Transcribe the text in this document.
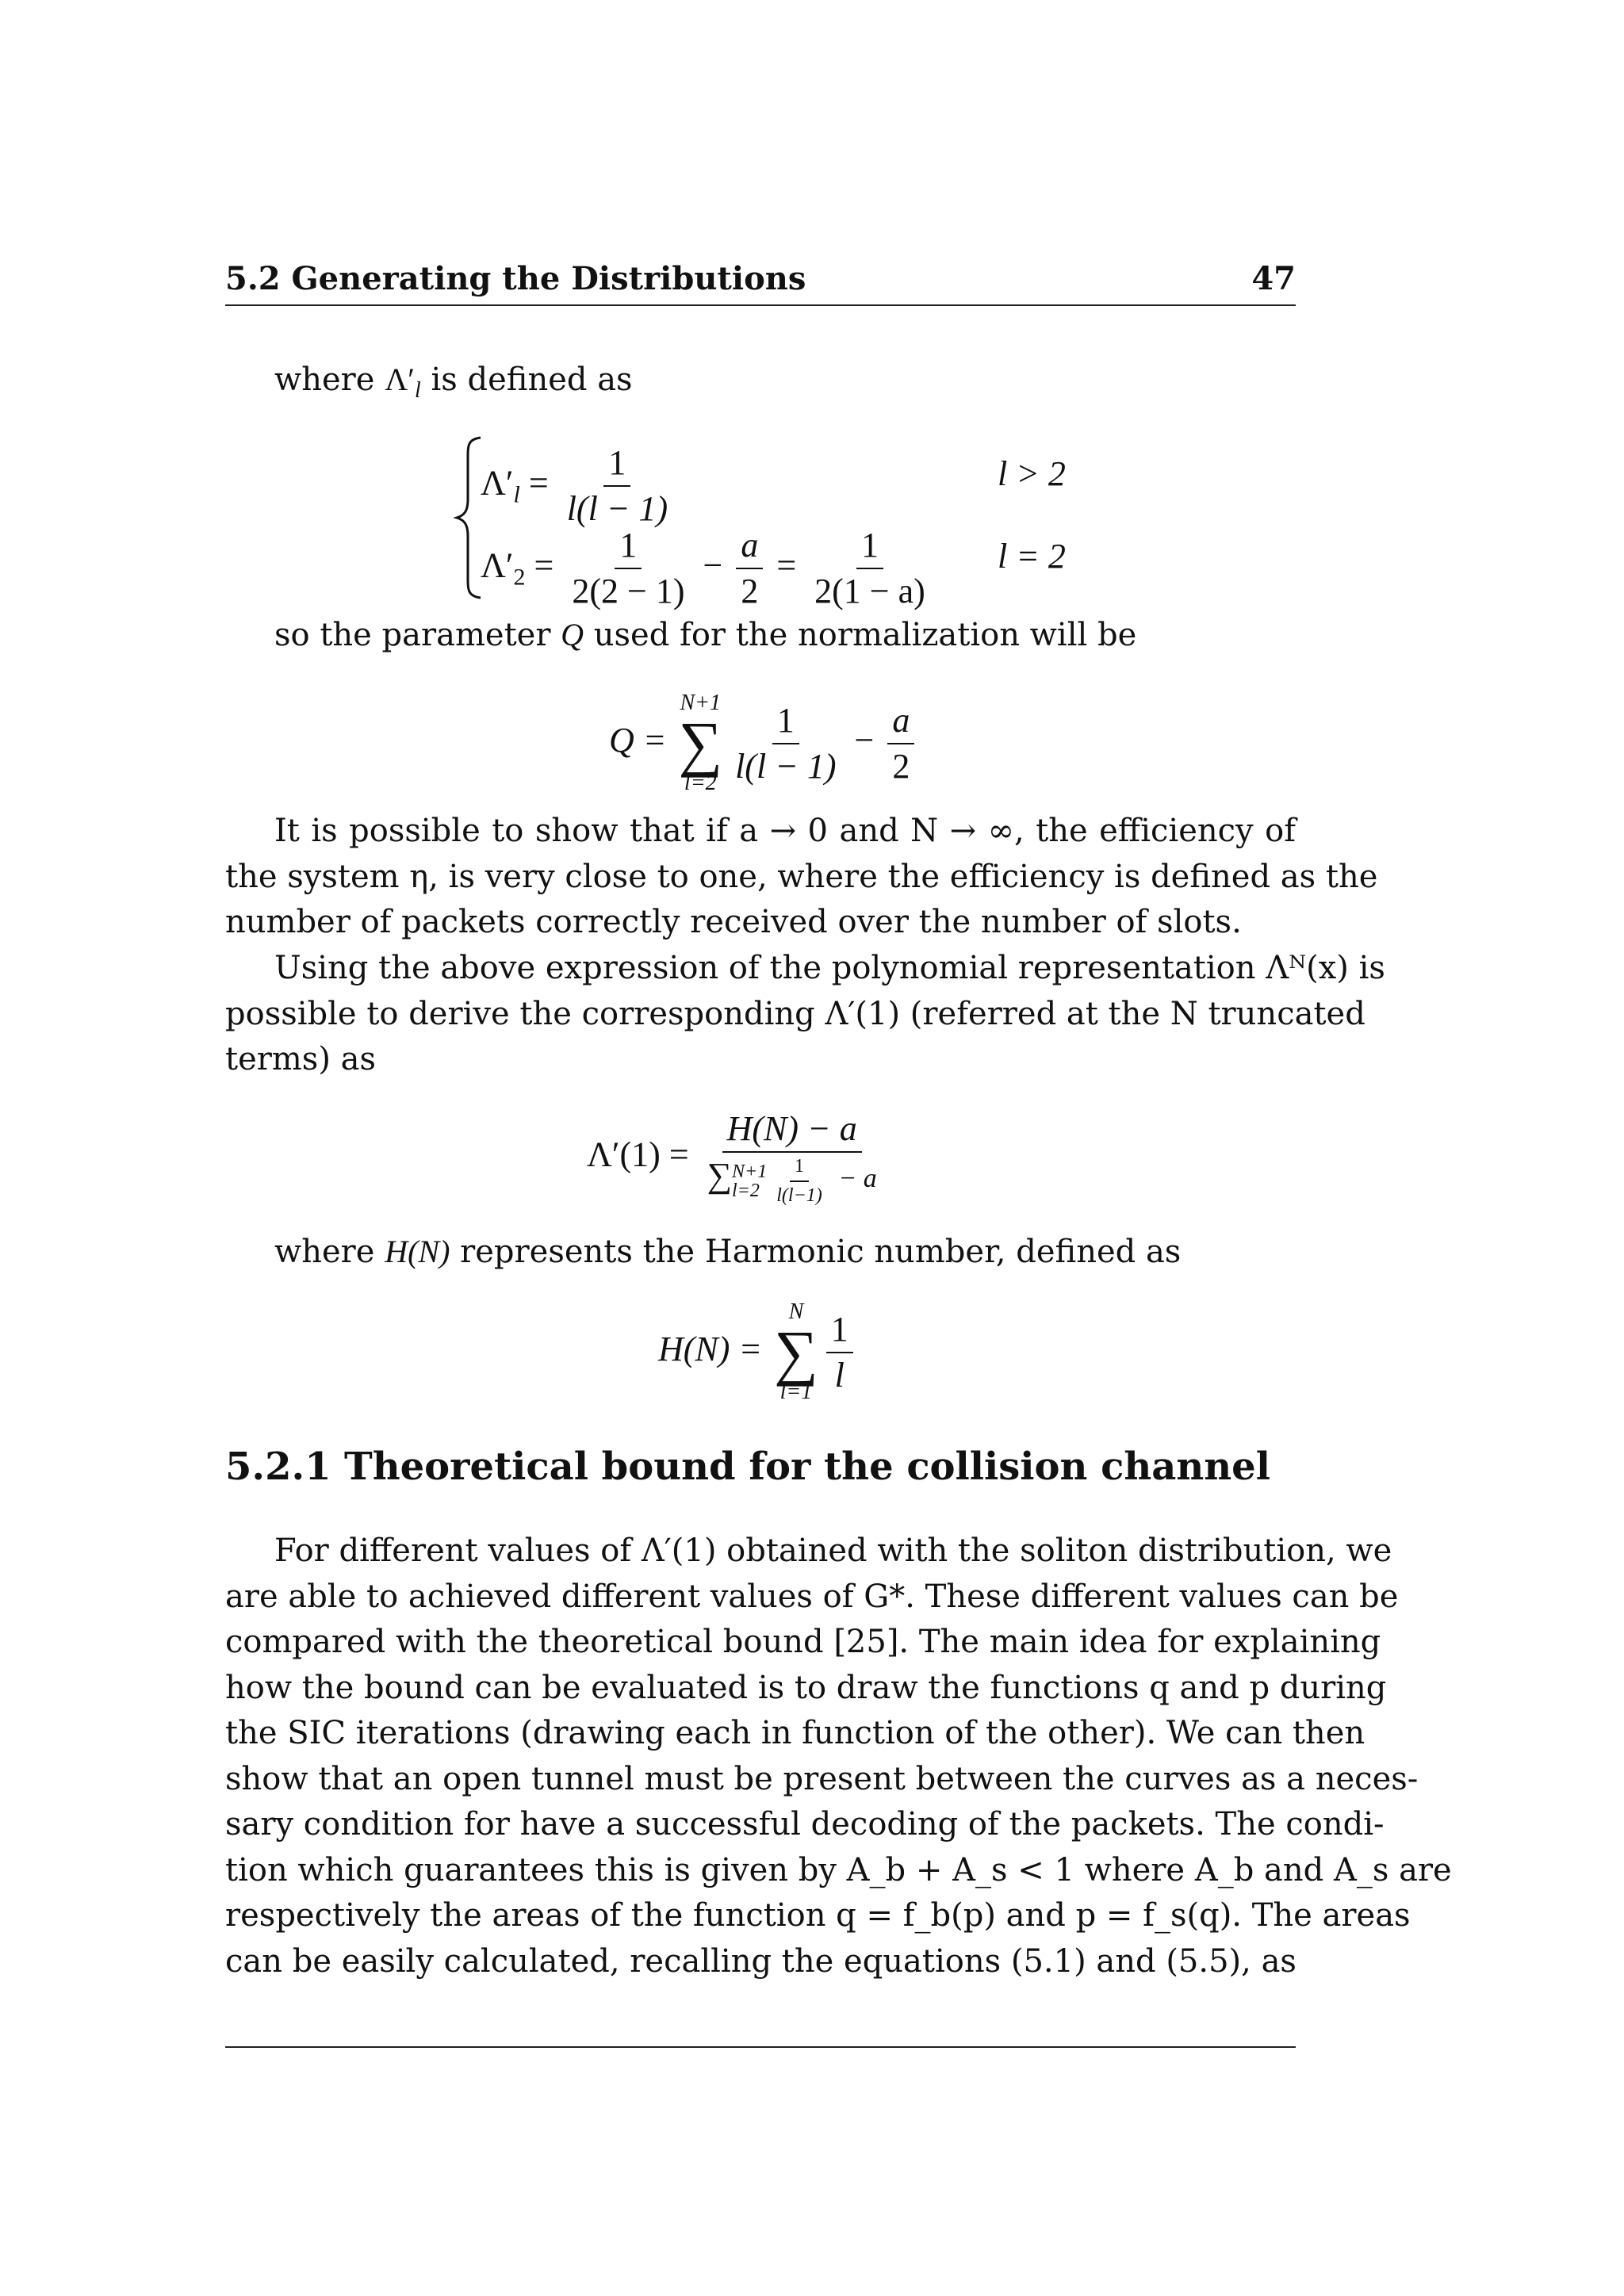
5.2 Generating the Distributions	47
where $\Lambda'_l$ is defined as
$\Lambda'_l = \frac{1}{l(l - 1)}$	l > 2
$\Lambda'_2 = \frac{1}{2(2 - 1)} - \frac{a}{2} = \frac{1}{2(1 - a)}$ l = 2
so the parameter Q used for the normalization will be
Q =
N+1
∑
$l=2 \frac{1}{l(l - 1)} - \frac{a}{2}$
It is possible to show that if a → 0 and N → ∞, the efficiency of
the system η, is very close to one, where the efficiency is defined as the
number of packets correctly received over the number of slots.
Using the above expression of the polynomial representation Λᴺ(x) is
possible to derive the corresponding Λ′(1) (referred at the N truncated
terms) as
Λ′(1) = H(N) − a
∑ N+1
$l=2 \frac{1}{l(l-1)} - a$
where H(N) represents the Harmonic number, defined as
H(N) =
N
∑
$l=1 \frac{1}{l}$
5.2.1 Theoretical bound for the collision channel
For different values of Λ′(1) obtained with the soliton distribution, we
are able to achieved different values of G*. These different values can be
compared with the theoretical bound [25]. The main idea for explaining
how the bound can be evaluated is to draw the functions q and p during
the SIC iterations (drawing each in function of the other). We can then
show that an open tunnel must be present between the curves as a neces-
sary condition for have a successful decoding of the packets. The condi-
tion which guarantees this is given by A_b + A_s < 1 where A_b and A_s are
respectively the areas of the function q = f_b(p) and p = f_s(q). The areas
can be easily calculated, recalling the equations (5.1) and (5.5), as
